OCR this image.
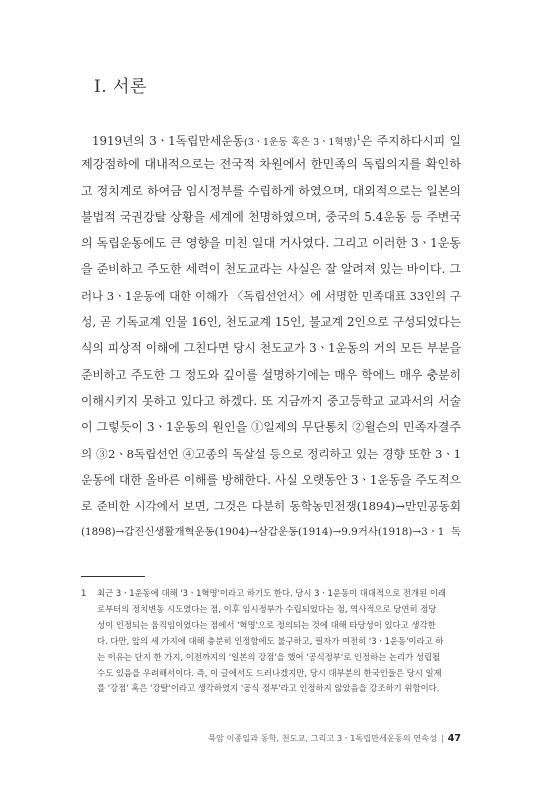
Ⅰ. 서론
1919년의 3ㆍ1독립만세운동(3ㆍ1운동 혹은 3ㆍ1혁명)$^1$은 주지하다시피 일
제강점하에 대내적으로는 전국적 차원에서 한민족의 독립의지를 확인하
고 정치계로 하여금 임시정부를 수립하게 하였으며, 대외적으로는 일본의
불법적 국권강탈 상황을 세계에 천명하였으며, 중국의 5.4운동 등 주변국
의 독립운동에도 큰 영향을 미친 일대 거사였다. 그리고 이러한 3ㆍ1운동
을 준비하고 주도한 세력이 천도교라는 사실은 잘 알려져 있는 바이다. 그
러나 3ㆍ1운동에 대한 이해가 〈독립선언서〉에 서명한 민족대표 33인의 구
성, 곧 기독교계 인물 16인, 천도교계 15인, 불교계 2인으로 구성되었다는
식의 피상적 이해에 그친다면 당시 천도교가 3ㆍ1운동의 거의 모든 부분을
준비하고 주도한 그 정도와 깊이를 설명하기에는 매우 학에느 매우 충분히
이해시키지 못하고 있다고 하겠다. 또 지금까지 중고등학교 교과서의 서술
이 그렇듯이 3ㆍ1운동의 원인을 ①일제의 무단통치 ②윌슨의 민족자결주
의 ③2ㆍ8독립선언 ④고종의 독살설 등으로 정리하고 있는 경향 또한 3ㆍ1
운동에 대한 올바른 이해를 방해한다. 사실 오랫동안 3ㆍ1운동을 주도적으
로 준비한 시각에서 보면, 그것은 다분히 동학농민전쟁(1894)→만민공동회
(1898)→갑진신생활개혁운동(1904)→삼갑운동(1914)→9.9거사(1918)→3ㆍ1 독
1 최근 3ㆍ1운동에 대해 '3ㆍ1혁명'이라고 하기도 한다. 당시 3ㆍ1운동이 대대적으로 전개된 이래
로부터의 정치변동 시도였다는 점, 이후 임시정부가 수립되었다는 점, 역사적으로 당연히 정당
성이 인정되는 움직임이었다는 점에서 '혁명'으로 정의되는 것에 대해 타당성이 있다고 생각한
다. 다만, 앞의 세 가지에 대해 충분히 인정함에도 불구하고, 필자가 여전히 '3ㆍ1운동'이라고 하
는 이유는 단지 한 가지, 이전까지의 '일본의 강점'을 했어 '공식정부'로 인정하는 논리가 성립될
수도 있음을 우려해서이다. 즉, 이 글에서도 드러나겠지만, 당시 대부분의 한국인들은 당시 일제
를 '강점' 혹은 '강탈'이라고 생각하였지 '공식 정부'라고 인정하지 않았음을 강조하기 위함이다.
묵암 이종일과 동학, 천도교, 그리고 3ㆍ1독립만세운동의 연속성 | 47
